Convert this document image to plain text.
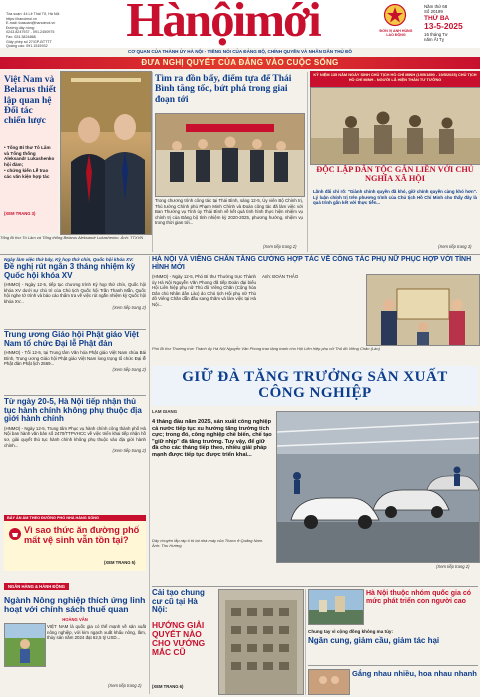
Tòa soạn: 44 Lê Thái Tổ, Hà Nội
https://hanoimoi.vn
E-mail: toasoan@hanoimoi.vn
Đường dây nóng:
0243.8247937 - 091.2450975
Fax: 024.3824868
Giấy phép số 27/GP-BTTTT
Quảng cáo: 091.1515932	Hànộimới	ĐƠN VỊ ANH HÙNG LAO ĐỘNG
Năm thứ 68
Số 20199
THỨ BA
13-5-2025
16 tháng Tư
năm Ất Tỵ
CƠ QUAN CỦA THÀNH ỦY HÀ NỘI - TIẾNG NÓI CỦA ĐẢNG BỘ, CHÍNH QUYỀN VÀ NHÂN DÂN THỦ ĐÔ
ĐƯA NGHỊ QUYẾT CỦA ĐẢNG VÀO CUỘC SỐNG
Việt Nam và Belarus thiết lập quan hệ Đối tác chiến lược
• Tổng Bí thư Tô Lâm và Tổng thống Aleksandr Lukashenko hội đàm;
• chứng kiến Lễ trao các văn kiện hợp tác
(XEM TRANG 3)
Tổng Bí thư Tô Lâm và Tổng thống Belarus Aleksandr Lukashenko. Ảnh: TTXVN
Tìm ra đồn bẩy, điểm tựa để Thái Bình tăng tốc, bứt phá trong giai đoạn tới
Trong chương trình công tác tại Thái Bình, sáng 12-5, Ủy viên Bộ Chính trị, Thủ tướng Chính phủ Phạm Minh Chính và Đoàn công tác đã làm việc với Ban Thường vụ Tỉnh ủy Thái Bình về kết quả tình hình thực hiện nhiệm vụ chính trị của Đảng bộ tỉnh nhiệm kỳ 2020-2025, phương hướng, nhiệm vụ trong thời gian tới...
(Xem tiếp trang 2)
KỶ NIỆM 135 NĂM NGÀY SINH CHỦ TỊCH HỒ CHÍ MINH (19/5/1890 - 19/5/2025) CHỦ TỊCH HỒ CHÍ MINH - NGƯỜI LÃ HIỆN THÂN TƯ TƯỞNG
ĐỘC LẬP DÂN TỘC GẮN LIỀN VỚI CHỦ NGHĨA XÃ HỘI
Lãnh đãi chỉ rõ: "Giành chính quyền đã khó, giữ chính quyền càng khó hơn". Lý luận chính trị trên phương trình của Chủ tịch Hồ Chí Minh cho thấy đây là quá trình gắn kết với thực tiễn...
(Xem tiếp trang 3)
Ngày làm việc thứ bảy, Kỳ họp thứ chín, Quốc hội khóa XV:
Đề nghị rút ngắn 3 tháng nhiệm kỳ Quốc hội khóa XV
(HNMO) - Ngày 12-5, tiếp tục chương trình Kỳ họp thứ chín, Quốc hội khóa XV dưới sự chủ trì của Chủ tịch Quốc hội Trần Thanh Mẫn, Quốc hội nghe tờ trình và báo cáo thẩm tra về việc rút ngắn nhiệm kỳ Quốc hội khóa XV...
(Xem tiếp trang 2)
Trung ương Giáo hội Phật giáo Việt Nam tổ chức Đại lễ Phật đản
(HNMO) - Tối 12-5, tại Trung tâm Văn hóa Phật giáo Việt Nam chùa Bái Đính, Trung ương Giáo hội Phật giáo Việt Nam long trọng tổ chức Đại lễ Phật đản Phật lịch 2569...
(Xem tiếp trang 2)
Từ ngày 20-5, Hà Nội tiếp nhận thủ tục hành chính không phụ thuộc địa giới hành chính
(HNMO) - Ngày 12-5, Trung tâm Phục vụ hành chính công thành phố Hà Nội ban hành văn bản số 2470/TTPVHCC về việc triển khai tiếp nhận hồ sơ, giải quyết thủ tục hành chính không phụ thuộc vào địa giới hành chính...
(Xem tiếp trang 2)
BẢY ẤN ÁM THEO ĐƯỜNG PHỐ NHÀ HÀNG SÓNG
Vì sao thức ăn đường phố mất vệ sinh vẫn tồn tại?
(XEM TRANG 5)
NGÂN HÀNG & HÀNH ĐỘNG
Ngành Nông nghiệp thích ứng linh hoạt với chính sách thuế quan
HOÀNG VÂN
VIỆT NAM là quốc gia có thế mạnh về sản xuất nông nghiệp, với kim ngạch xuất khẩu nông, lâm, thủy sản năm 2024 đạt 62,5 tỷ USD...
(Xem tiếp trang 2)
HÀ NỘI VÀ VIÊNG CHĂN TĂNG CƯỜNG HỢP TÁC VỀ CÔNG TÁC PHỤ NỮ PHỤC HỢP VỚI TÌNH HÌNH MỚI
(HNMO) - Ngày 12-5, Phó Bí thư Thường trực Thành ủy Hà Nội Nguyễn Văn Phong đã tiếp Đoàn đại biểu Hội Liên hiệp phụ nữ Thủ đô Viêng Chăn (Cộng hòa Dân chủ Nhân dân Lào) do Chủ tịch Hội phụ nữ Thủ đô Viêng Chăn dẫn đầu sang thăm và làm việc tại Hà Nội...
Anh: ĐOÀN THẢO
Phó Bí thư Thường trực Thành ủy Hà Nội Nguyễn Văn Phong trao tặng tranh cho Hội Liên hiệp phụ nữ Thủ đô Viêng Chăn (Lào)
GIỮ ĐÀ TĂNG TRƯỞNG SẢN XUẤT CÔNG NGHIỆP
LAM GIANG
4 tháng đầu năm 2025, sản xuất công nghiệp cả nước tiếp tục xu hướng tăng trưởng tích cực; trong đó, công nghiệp chế biến, chế tạo "giữ nhịp" đà tăng trưởng. Tuy vậy, để giữ đà cho các tháng tiếp theo, nhiều giải pháp mạnh được tiếp tục được triển khai...
Dây chuyền lắp ráp ô tô tại nhà máy của Thaco ở Quảng Nam. Ảnh: Thu Hường
(Xem tiếp trang 2)
Cải tạo chung cư cũ tại Hà Nội:
HƯỚNG GIẢI QUYẾT NÀO CHO VƯỚNG MẮC CŨ
(XEM TRANG 6)
Hà Nội thuộc nhóm quốc gia có mức phát triển con người cao
Chung tay vì cộng đồng không ma túy:
Ngăn cung, giảm cầu, giảm tác hại
Gắng nhau nhiều, hoa nhau nhanh
